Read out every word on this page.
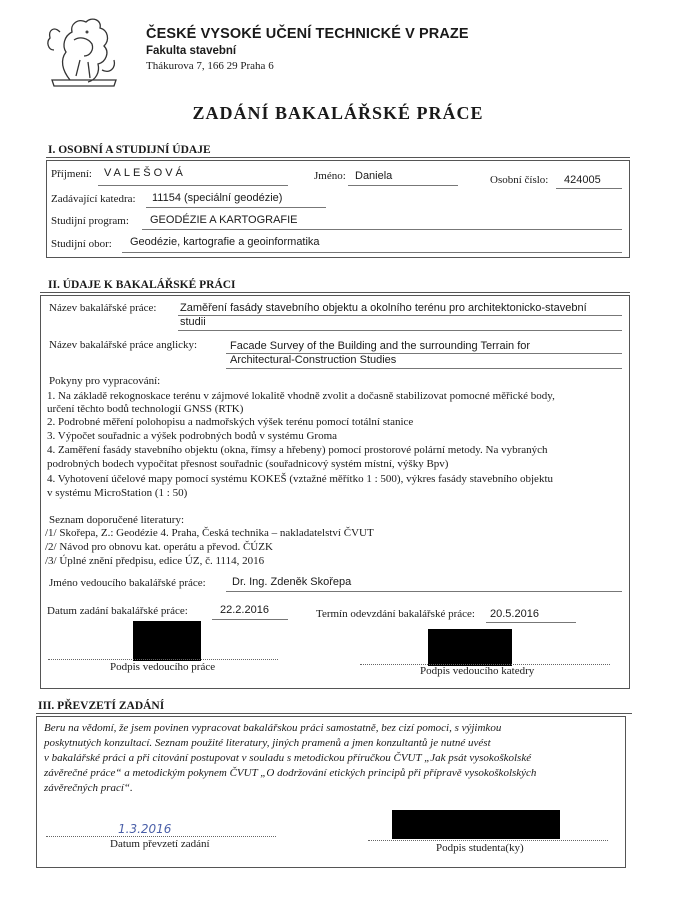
ČESKÉ VYSOKÉ UČENÍ TECHNICKÉ V PRAZE
Fakulta stavební
Thákurova 7, 166 29 Praha 6
ZADÁNÍ BAKALÁŘSKÉ PRÁCE
I. OSOBNÍ A STUDIJNÍ ÚDAJE
Příjmení: VALEŠOVÁ	Jméno: Daniela	Osobní číslo: 424005
Zadávající katedra: 11154 (speciální geodézie)
Studijní program: GEODÉZIE A KARTOGRAFIE
Studijní obor: Geodézie, kartografie a geoinformatika
II. ÚDAJE K BAKALÁŘSKÉ PRÁCI
Název bakalářské práce: Zaměření fasády stavebního objektu a okolního terénu pro architektonicko-stavební
studii
Název bakalářské práce anglicky:	Facade Survey of the Building and the surrounding Terrain for
Architectural-Construction Studies
Pokyny pro vypracování:
1. Na základě rekognoskace terénu v zájmové lokalitě vhodně zvolit a dočasně stabilizovat pomocné měřické body,
určení těchto bodů technologií GNSS (RTK)
2. Podrobné měření polohopisu a nadmořských výšek terénu pomocí totální stanice
3. Výpočet souřadnic a výšek podrobných bodů v systému Groma
4. Zaměření fasády stavebního objektu (okna, římsy a hřebeny) pomocí prostorové polární metody. Na vybraných
podrobných bodech vypočítat přesnost souřadnic (souřadnicový systém místní, výšky Bpv)
4. Vyhotovení účelové mapy pomocí systému KOKEŠ (vztažné měřítko 1 : 500), výkres fasády stavebního objektu
v systému MicroStation (1 : 50)
Seznam doporučené literatury:
/1/ Skořepa, Z.: Geodézie 4. Praha, Česká technika – nakladatelství ČVUT
/2/ Návod pro obnovu kat. operátu a převod. ČÚZK
/3/ Úplné znění předpisu, edice ÚZ, č. 1114, 2016
Jméno vedoucího bakalářské práce: Dr. Ing. Zdeněk Skořepa
Datum zadání bakalářské práce:	22.2.2016	Termín odevzdání bakalářské práce: 20.5.2016
Podpis vedoucího práce	Podpis vedoucího katedry
III. PŘEVZETÍ ZADÁNÍ
Beru na vědomí, že jsem povinen vypracovat bakalářskou práci samostatně, bez cizí pomoci, s výjimkou
poskytnutých konzultací. Seznam použité literatury, jiných pramenů a jmen konzultantů je nutné uvést
v bakalářské práci a při citování postupovat v souladu s metodickou příručkou ČVUT „Jak psát vysokoškolské
závěrečné práce“ a metodickým pokynem ČVUT „O dodržování etických principů při přípravě vysokoškolských
závěrečných prací“.
1.3.2016
Datum převzetí zadání	Podpis studenta(ky)
